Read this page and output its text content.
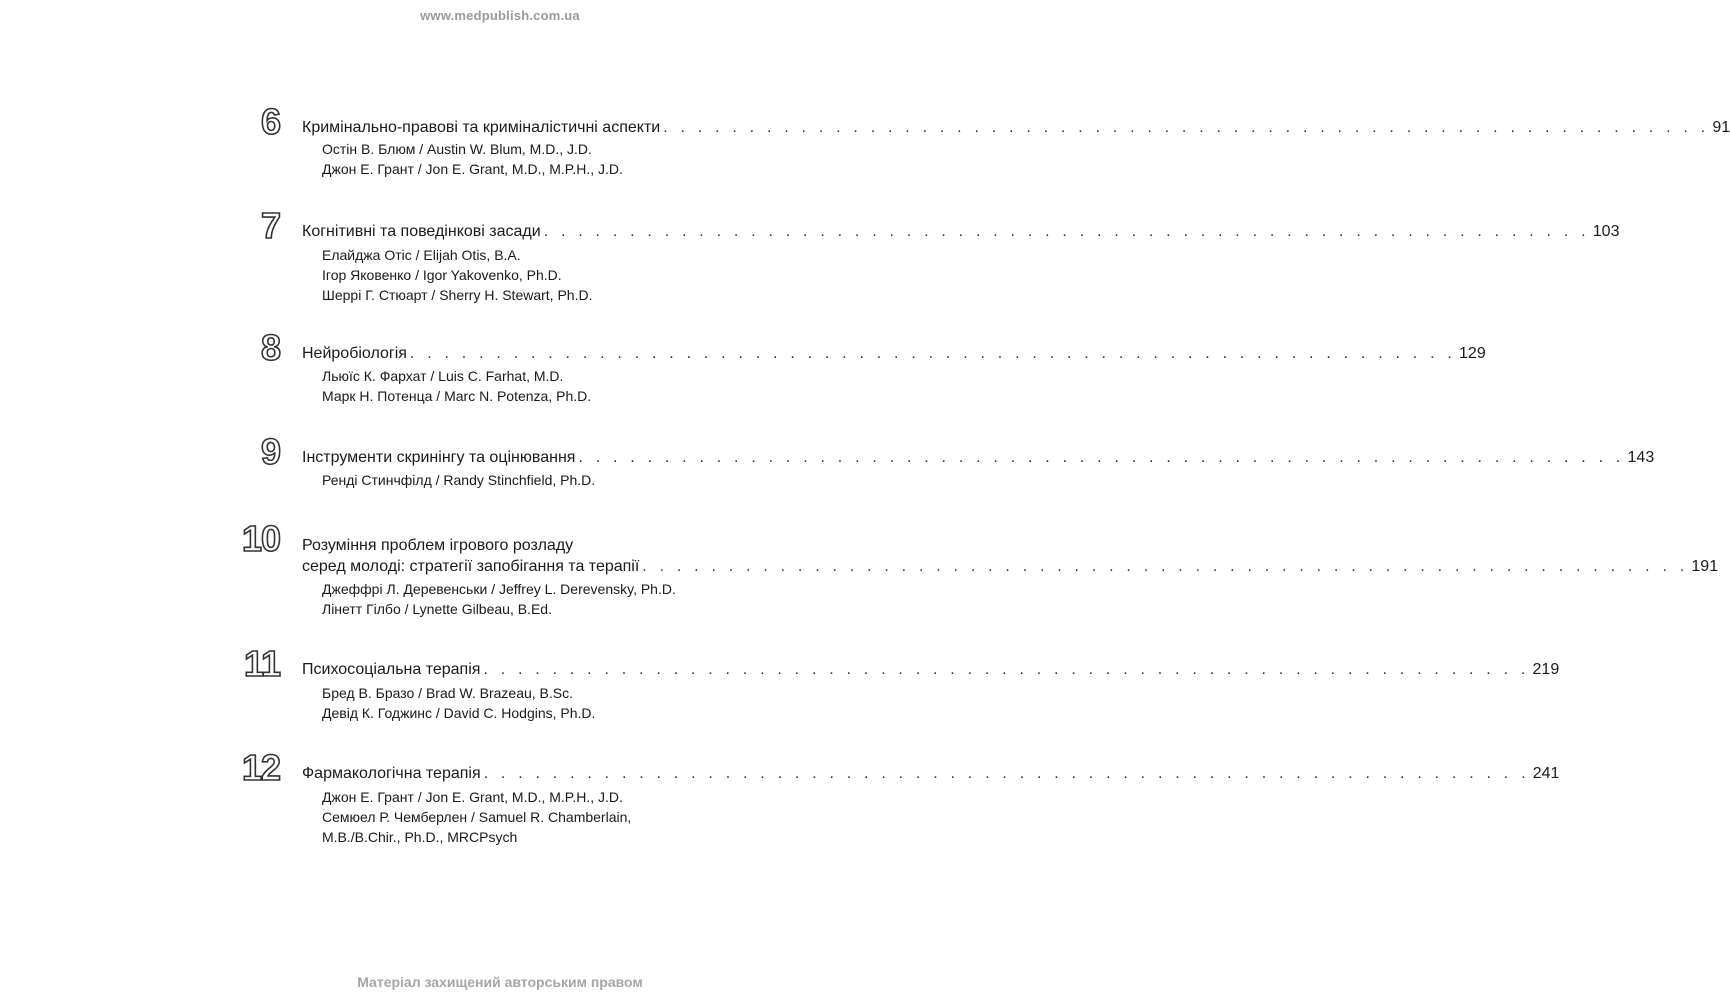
www.medpublish.com.ua
6 Кримінально-правові та криміналістичні аспекти . . . . . . . . . . . . . . . . . . . . . . . . . . . . . . . . . . . . . . . . . . . . . . . . . . . . . . . . . . . . . 91
Остін В. Блюм / Austin W. Blum, M.D., J.D.
Джон Е. Грант / Jon E. Grant, M.D., M.P.H., J.D.
7 Когнітивні та поведінкові засади . . . . . . . . . . . . . . . . . . . . . . . . . . . . . . . . . . . . . . . . . . . . . . . . . . . . . . . . . . . . . 103
Елайджа Отіс / Elijah Otis, B.A.
Ігор Яковенко / Igor Yakovenko, Ph.D.
Шеррі Г. Стюарт / Sherry H. Stewart, Ph.D.
8 Нейробіологія . . . . . . . . . . . . . . . . . . . . . . . . . . . . . . . . . . . . . . . . . . . . . . . . . . . . . . . . . . . . . 129
Льюїс К. Фархат / Luis C. Farhat, M.D.
Марк Н. Потенца / Marc N. Potenza, Ph.D.
9 Інструменти скринінгу та оцінювання . . . . . . . . . . . . . . . . . . . . . . . . . . . . . . . . . . . . . . . . . . . . . . . . . . . . . . . . . . . . . 143
Ренді Стинчфілд / Randy Stinchfield, Ph.D.
10 Розуміння проблем ігрового розладу
серед молоді: стратегії запобігання та терапії . . . . . . . . . . . . . . . . . . . . . . . . . . . . . . . . . . . . . . . . . . . . . . . . . . . . . . . . . . . . . 191
Джеффрі Л. Деревенськи / Jeffrey L. Derevensky, Ph.D.
Лінетт Гілбо / Lynette Gilbeau, B.Ed.
11 Психосоціальна терапія . . . . . . . . . . . . . . . . . . . . . . . . . . . . . . . . . . . . . . . . . . . . . . . . . . . . . . . . . . . . . 219
Бред В. Бразо / Brad W. Brazeau, B.Sc.
Девід К. Годжинс / David C. Hodgins, Ph.D.
12 Фармакологічна терапія . . . . . . . . . . . . . . . . . . . . . . . . . . . . . . . . . . . . . . . . . . . . . . . . . . . . . . . . . . . . . 241
Джон Е. Грант / Jon E. Grant, M.D., M.P.H., J.D.
Семюел Р. Чемберлен / Samuel R. Chamberlain,
M.B./B.Chir., Ph.D., MRCPsych
Матеріал захищений авторським правом
